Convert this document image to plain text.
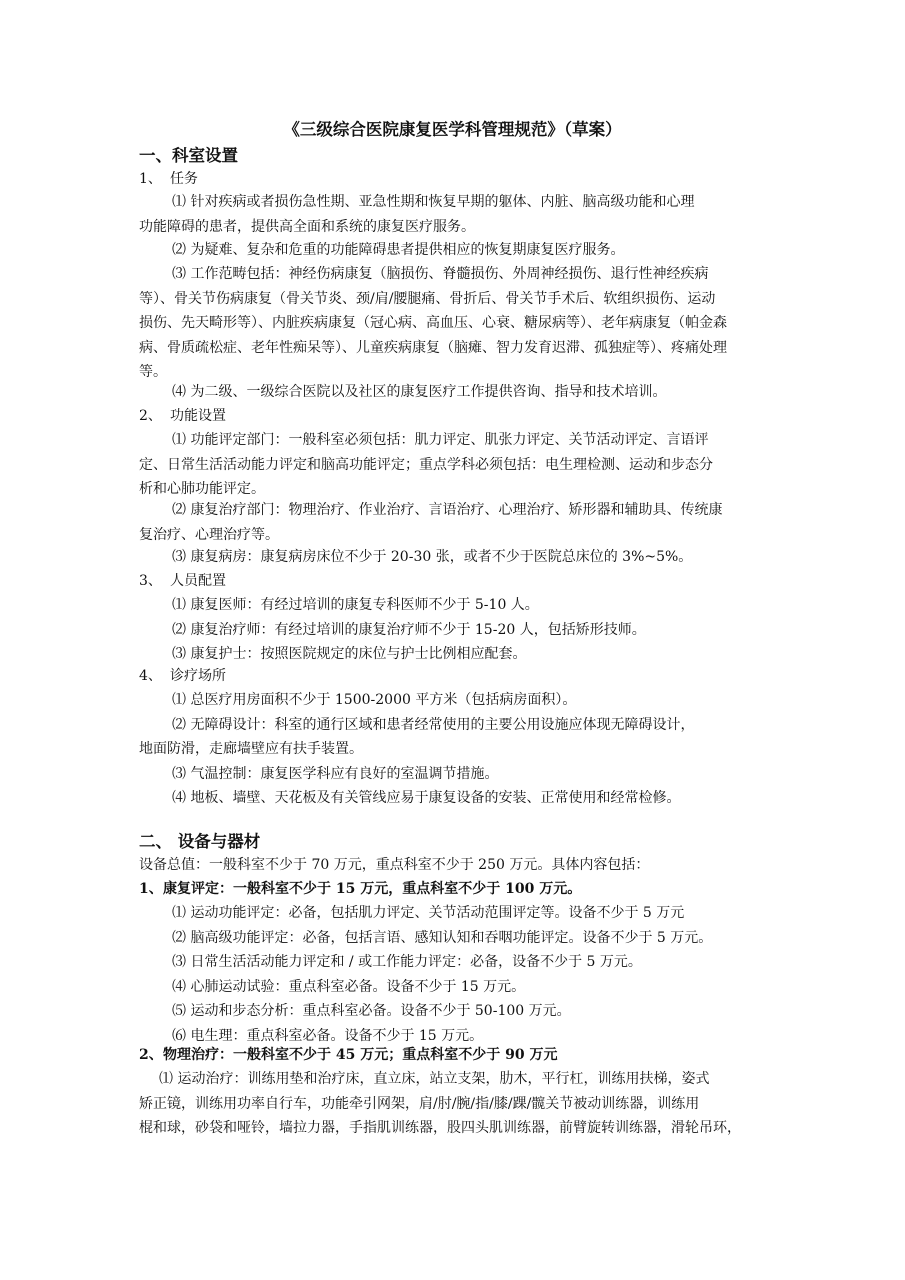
《三级综合医院康复医学科管理规范》（草案）
一、科室设置
1、 任务
⑴ 针对疾病或者损伤急性期、亚急性期和恢复早期的躯体、内脏、脑高级功能和心理
功能障碍的患者，提供高全面和系统的康复医疗服务。
⑵ 为疑难、复杂和危重的功能障碍患者提供相应的恢复期康复医疗服务。
⑶ 工作范畴包括：神经伤病康复（脑损伤、脊髓损伤、外周神经损伤、退行性神经疾病
等）、骨关节伤病康复（骨关节炎、颈/肩/腰腿痛、骨折后、骨关节手术后、软组织损伤、运动
损伤、先天畸形等）、内脏疾病康复（冠心病、高血压、心衰、糖尿病等）、老年病康复（帕金森
病、骨质疏松症、老年性痴呆等）、儿童疾病康复（脑瘫、智力发育迟滞、孤独症等）、疼痛处理
等。
⑷ 为二级、一级综合医院以及社区的康复医疗工作提供咨询、指导和技术培训。
2、 功能设置
⑴ 功能评定部门：一般科室必须包括：肌力评定、肌张力评定、关节活动评定、言语评
定、日常生活活动能力评定和脑高功能评定；重点学科必须包括：电生理检测、运动和步态分
析和心肺功能评定。
⑵ 康复治疗部门：物理治疗、作业治疗、言语治疗、心理治疗、矫形器和辅助具、传统康
复治疗、心理治疗等。
⑶ 康复病房：康复病房床位不少于 20-30 张，或者不少于医院总床位的 3%~5%。
3、 人员配置
⑴ 康复医师：有经过培训的康复专科医师不少于 5-10 人。
⑵ 康复治疗师：有经过培训的康复治疗师不少于 15-20 人，包括矫形技师。
⑶ 康复护士：按照医院规定的床位与护士比例相应配套。
4、 诊疗场所
⑴ 总医疗用房面积不少于 1500-2000 平方米（包括病房面积）。
⑵ 无障碍设计：科室的通行区域和患者经常使用的主要公用设施应体现无障碍设计，
地面防滑，走廊墙壁应有扶手装置。
⑶ 气温控制：康复医学科应有良好的室温调节措施。
⑷ 地板、墙壁、天花板及有关管线应易于康复设备的安装、正常使用和经常检修。
二、 设备与器材
设备总值：一般科室不少于 70 万元，重点科室不少于 250 万元。具体内容包括：
1、康复评定：一般科室不少于 15 万元，重点科室不少于 100 万元。
⑴ 运动功能评定：必备，包括肌力评定、关节活动范围评定等。设备不少于 5 万元
⑵ 脑高级功能评定：必备，包括言语、感知认知和吞咽功能评定。设备不少于 5 万元。
⑶ 日常生活活动能力评定和 / 或工作能力评定：必备，设备不少于 5 万元。
⑷ 心肺运动试验：重点科室必备。设备不少于 15 万元。
⑸ 运动和步态分析：重点科室必备。设备不少于 50-100 万元。
⑹ 电生理：重点科室必备。设备不少于 15 万元。
2、物理治疗：一般科室不少于 45 万元；重点科室不少于 90 万元
⑴ 运动治疗：训练用垫和治疗床，直立床，站立支架，肋木，平行杠，训练用扶梯，姿式
矫正镜，训练用功率自行车，功能牵引网架，肩/肘/腕/指/膝/踝/髋关节被动训练器，训练用
棍和球，砂袋和哑铃，墙拉力器，手指肌训练器，股四头肌训练器，前臂旋转训练器，滑轮吊环，
